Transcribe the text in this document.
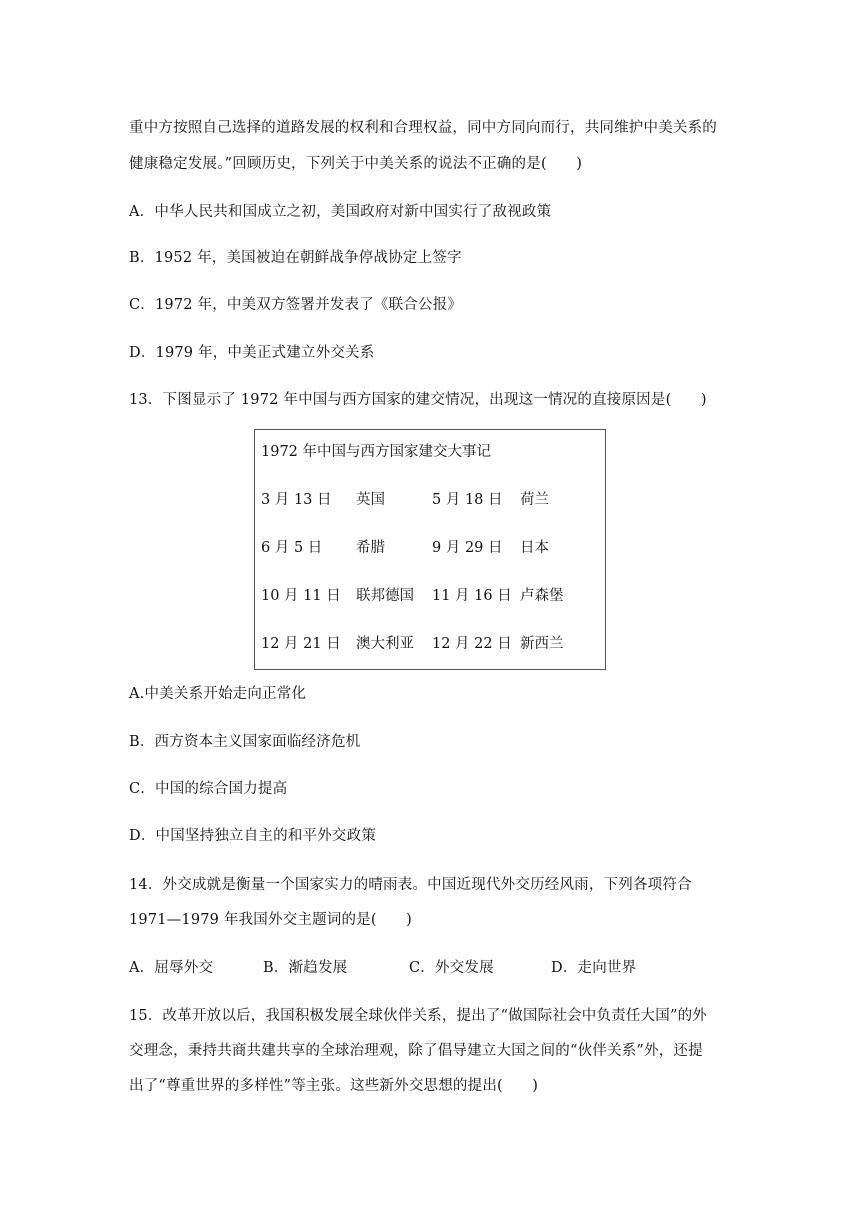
重中方按照自己选择的道路发展的权利和合理权益，同中方同向而行，共同维护中美关系的
健康稳定发展。”回顾历史，下列关于中美关系的说法不正确的是(　　)
A．中华人民共和国成立之初，美国政府对新中国实行了敌视政策
B．1952 年，美国被迫在朝鲜战争停战协定上签字
C．1972 年，中美双方签署并发表了《联合公报》
D．1979 年，中美正式建立外交关系
13．下图显示了 1972 年中国与西方国家的建交情况，出现这一情况的直接原因是(　　)
1972 年中国与西方国家建交大事记
3 月 13 日 英国	5 月 18 日 荷兰
6 月 5 日 希腊	9 月 29 日 日本
10 月 11 日 联邦德国 11 月 16 日 卢森堡
12 月 21 日 澳大利亚 12 月 22 日 新西兰
A.中美关系开始走向正常化
B．西方资本主义国家面临经济危机
C．中国的综合国力提高
D．中国坚持独立自主的和平外交政策
14．外交成就是衡量一个国家实力的晴雨表。中国近现代外交历经风雨，下列各项符合
1971—1979 年我国外交主题词的是(　　)
A．屈辱外交	B．渐趋发展	C．外交发展	D．走向世界
15．改革开放以后，我国积极发展全球伙伴关系，提出了“做国际社会中负责任大国”的外
交理念，秉持共商共建共享的全球治理观，除了倡导建立大国之间的“伙伴关系”外，还提
出了“尊重世界的多样性”等主张。这些新外交思想的提出(　　)
